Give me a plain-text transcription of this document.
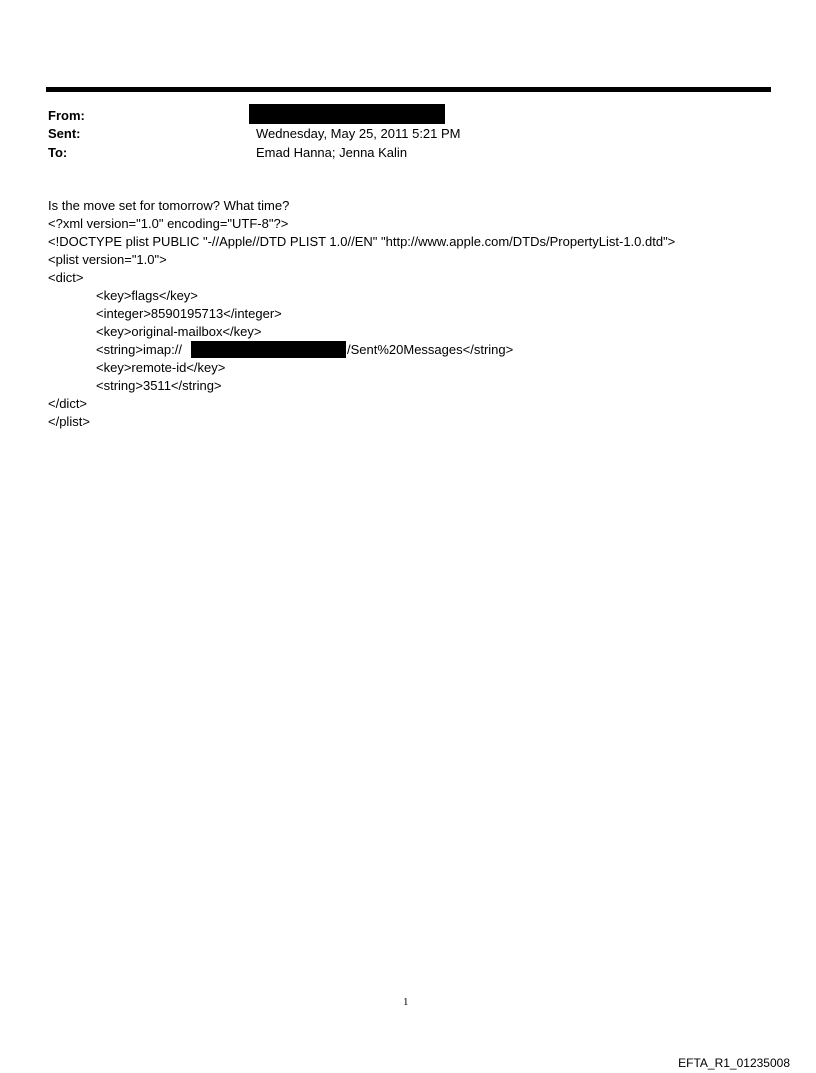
From:
Sent:	Wednesday, May 25, 2011 5:21 PM
To:	Emad Hanna; Jenna Kalin
Is the move set for tomorrow? What time?
<?xml version="1.0" encoding="UTF-8"?>
<!DOCTYPE plist PUBLIC "-//Apple//DTD PLIST 1.0//EN" "http://www.apple.com/DTDs/PropertyList-1.0.dtd">
<plist version="1.0">
<dict>
<key>flags</key>
<integer>8590195713</integer>
<key>original-mailbox</key>
<string>imap://	/Sent%20Messages</string>
<key>remote-id</key>
<string>3511</string>
</dict>
</plist>
1
EFTA_R1_01235008
